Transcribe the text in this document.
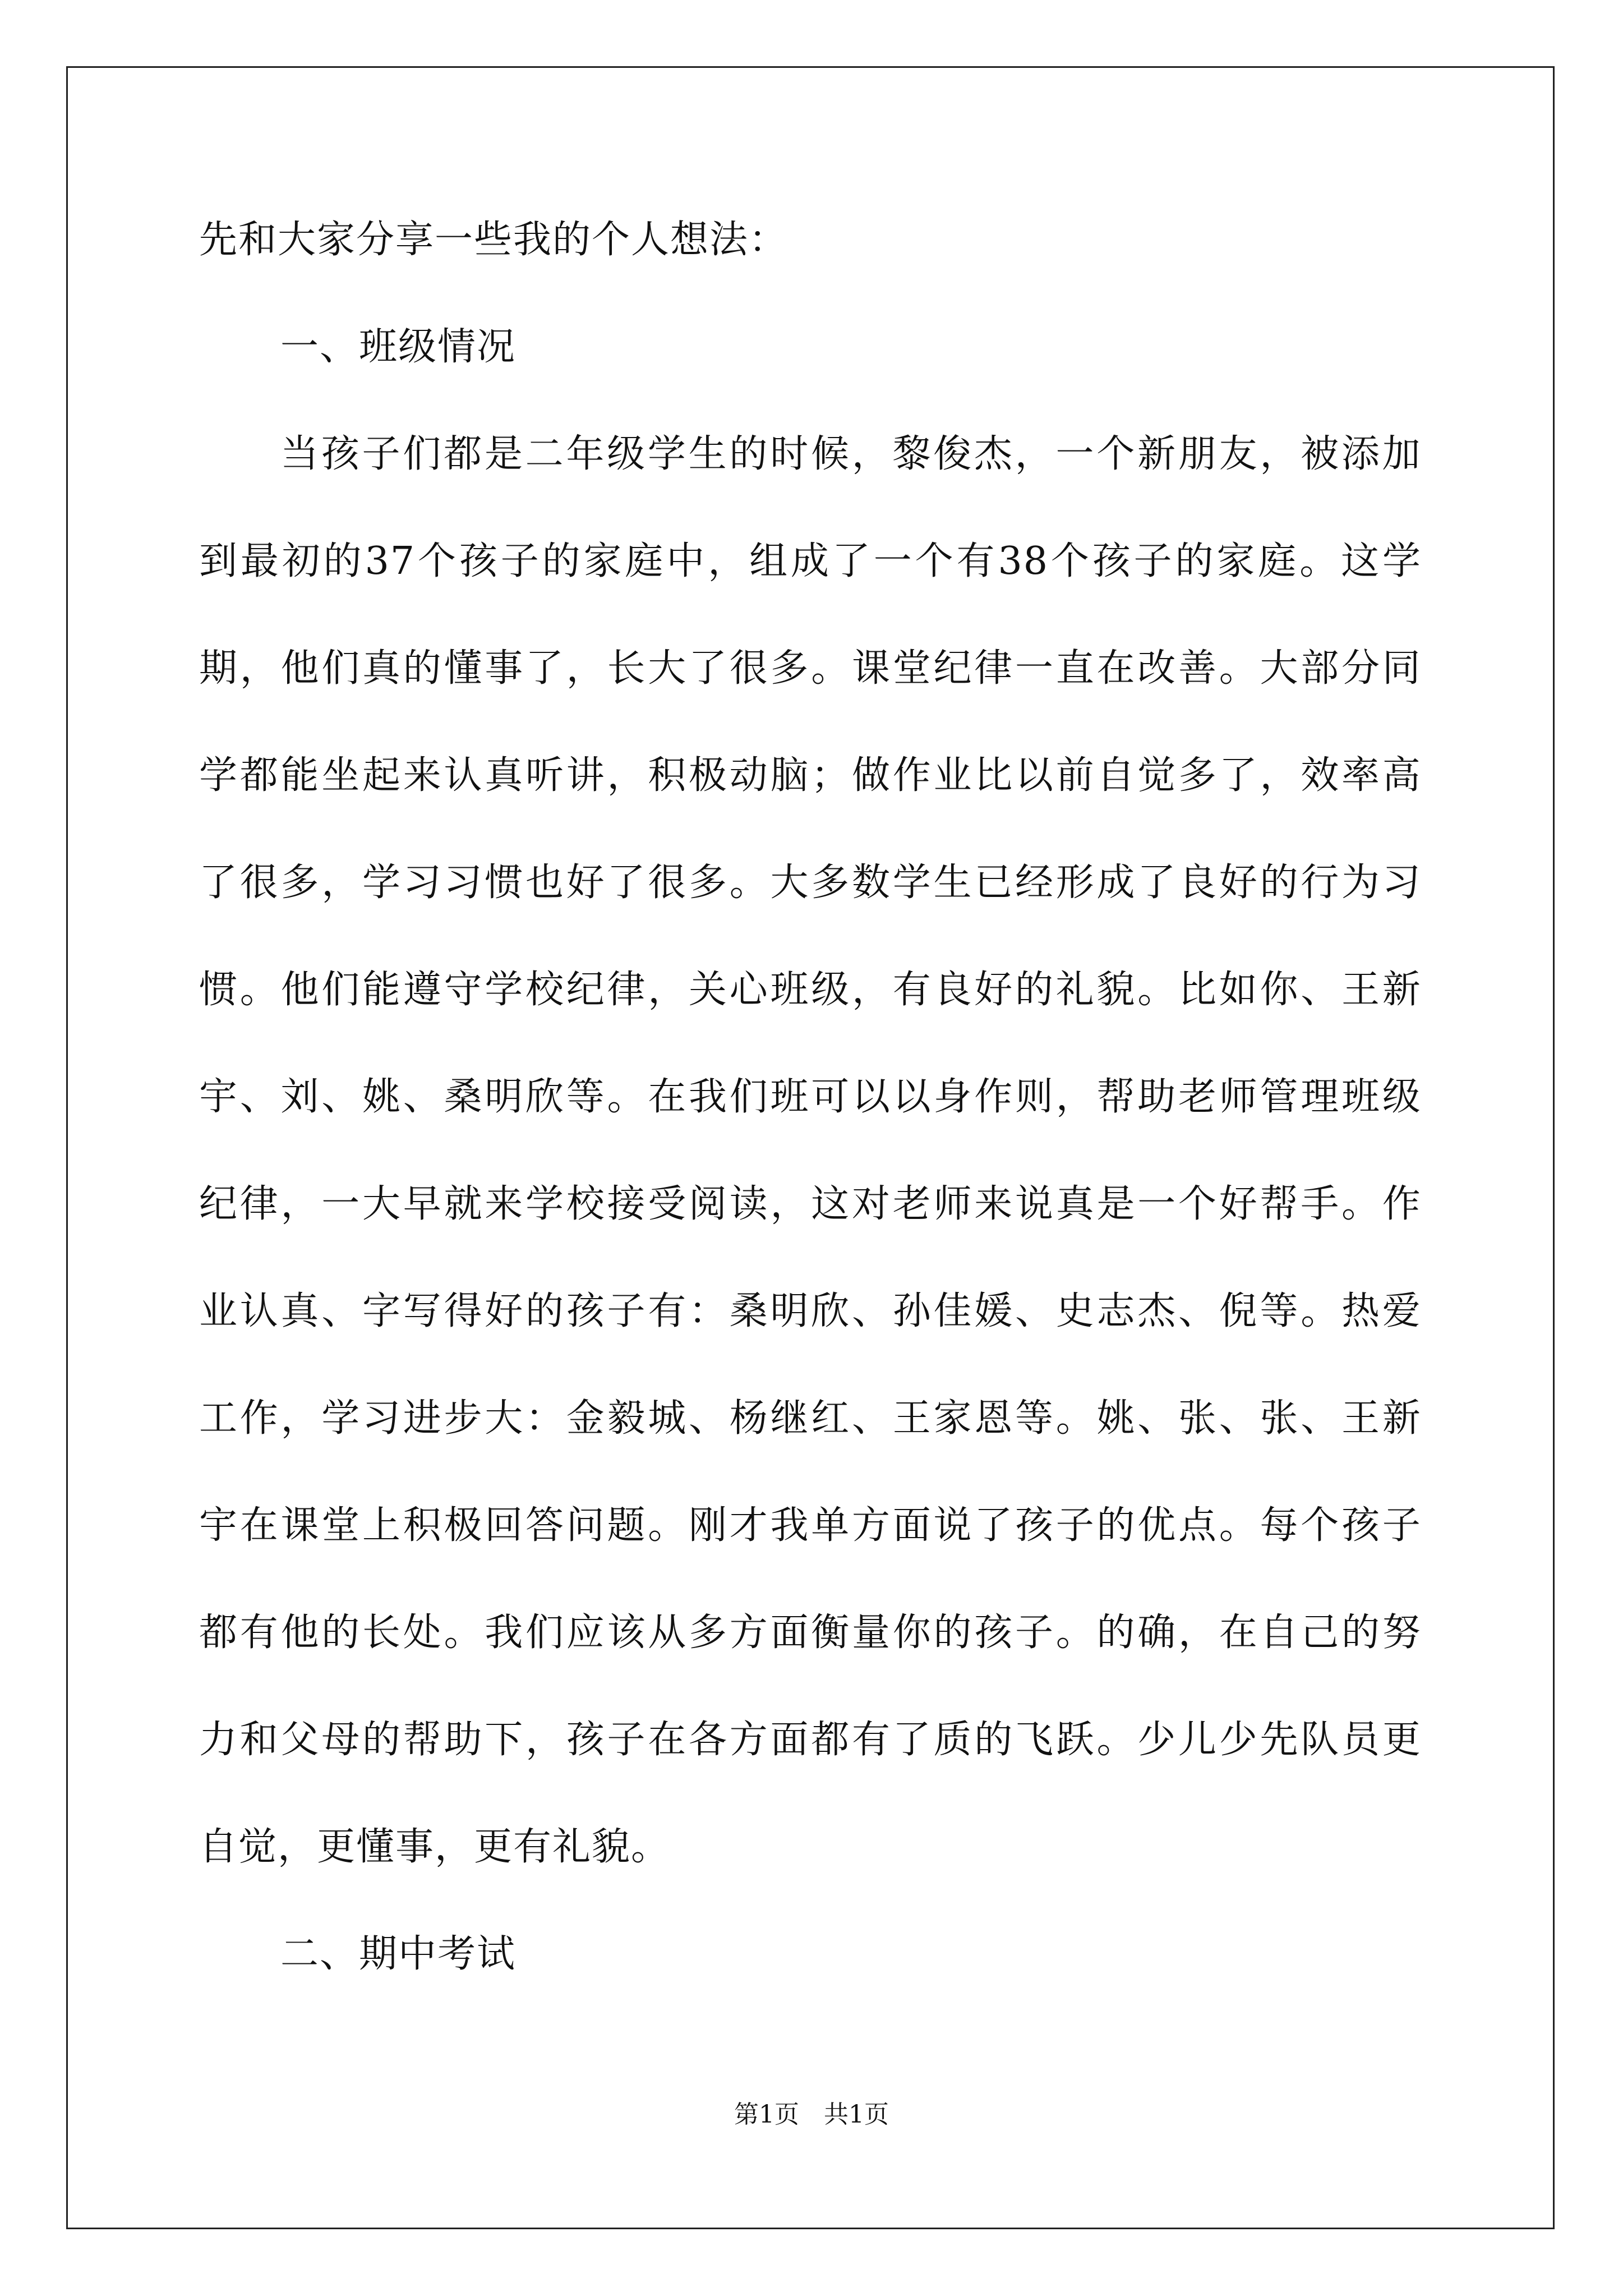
先和大家分享一些我的个人想法：
一、班级情况
当 孩 子 们 都 是 二 年 级 学 生 的 时 候 ， 黎 俊 杰 ， 一 个 新 朋 友 ， 被 添 加
到 最 初 的 37 个 孩 子 的 家 庭 中 ， 组 成 了 一 个 有 38 个 孩 子 的 家 庭 。 这 学
期 ， 他 们 真 的 懂 事 了 ， 长 大 了 很 多 。 课 堂 纪 律 一 直 在 改 善 。 大 部 分 同
学 都 能 坐 起 来 认 真 听 讲 ， 积 极 动 脑 ； 做 作 业 比 以 前 自 觉 多 了 ， 效 率 高
了 很 多 ， 学 习 习 惯 也 好 了 很 多 。 大 多 数 学 生 已 经 形 成 了 良 好 的 行 为 习
惯 。 他 们 能 遵 守 学 校 纪 律 ， 关 心 班 级 ， 有 良 好 的 礼 貌 。 比 如 你 、 王 新
宇 、 刘 、 姚 、 桑 明 欣 等 。 在 我 们 班 可 以 以 身 作 则 ， 帮 助 老 师 管 理 班 级
纪 律 ， 一 大 早 就 来 学 校 接 受 阅 读 ， 这 对 老 师 来 说 真 是 一 个 好 帮 手 。 作
业 认 真 、 字 写 得 好 的 孩 子 有 ： 桑 明 欣 、 孙 佳 媛 、 史 志 杰 、 倪 等 。 热 爱
工 作 ， 学 习 进 步 大 ： 金 毅 城 、 杨 继 红 、 王 家 恩 等 。 姚 、 张 、 张 、 王 新
宇 在 课 堂 上 积 极 回 答 问 题 。 刚 才 我 单 方 面 说 了 孩 子 的 优 点 。 每 个 孩 子
都 有 他 的 长 处 。 我 们 应 该 从 多 方 面 衡 量 你 的 孩 子 。 的 确 ， 在 自 己 的 努
力 和 父 母 的 帮 助 下 ， 孩 子 在 各 方 面 都 有 了 质 的 飞 跃 。 少 儿 少 先 队 员 更
自觉，更懂事，更有礼貌。
二、期中考试
第1页　共1页
